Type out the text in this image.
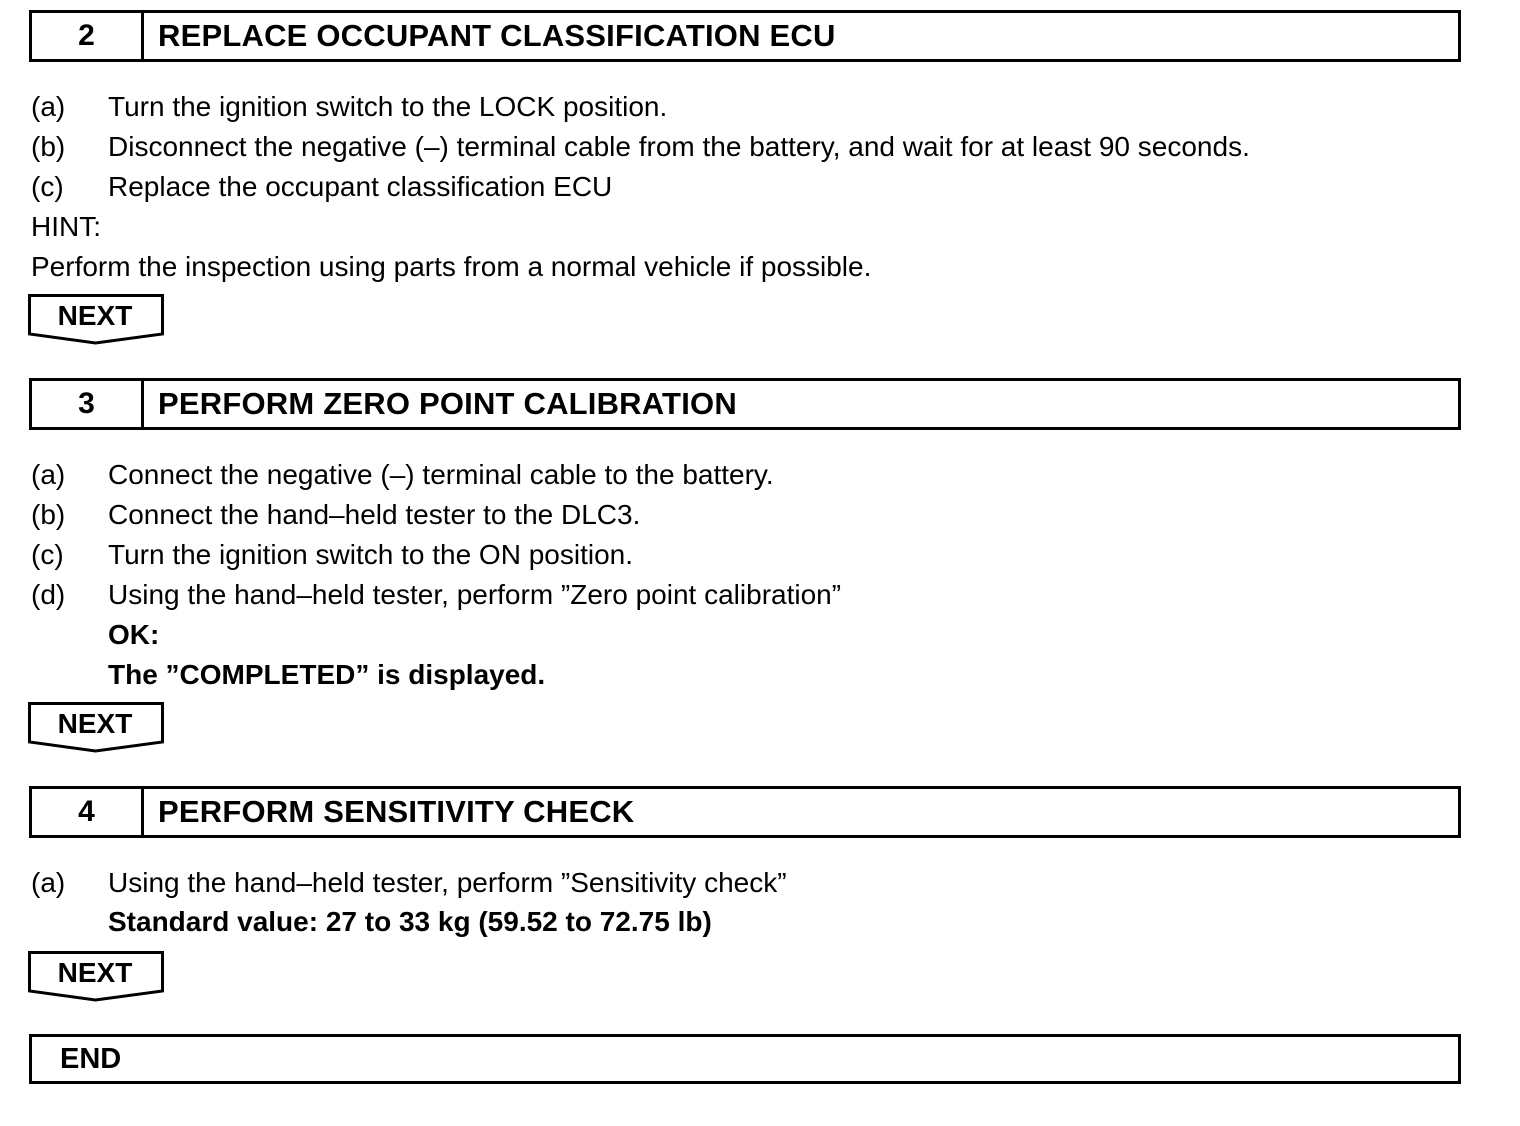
2	REPLACE OCCUPANT CLASSIFICATION ECU
(a) Turn the ignition switch to the LOCK position.
(b) Disconnect the negative (–) terminal cable from the battery, and wait for at least 90 seconds.
(c) Replace the occupant classification ECU
HINT:
Perform the inspection using parts from a normal vehicle if possible.
NEXT
3	PERFORM ZERO POINT CALIBRATION
(a) Connect the negative (–) terminal cable to the battery.
(b) Connect the hand–held tester to the DLC3.
(c) Turn the ignition switch to the ON position.
(d) Using the hand–held tester, perform ”Zero point calibration”
OK:
The ”COMPLETED” is displayed.
NEXT
4	PERFORM SENSITIVITY CHECK
(a) Using the hand–held tester, perform ”Sensitivity check”
Standard value: 27 to 33 kg (59.52 to 72.75 lb)
NEXT
END
